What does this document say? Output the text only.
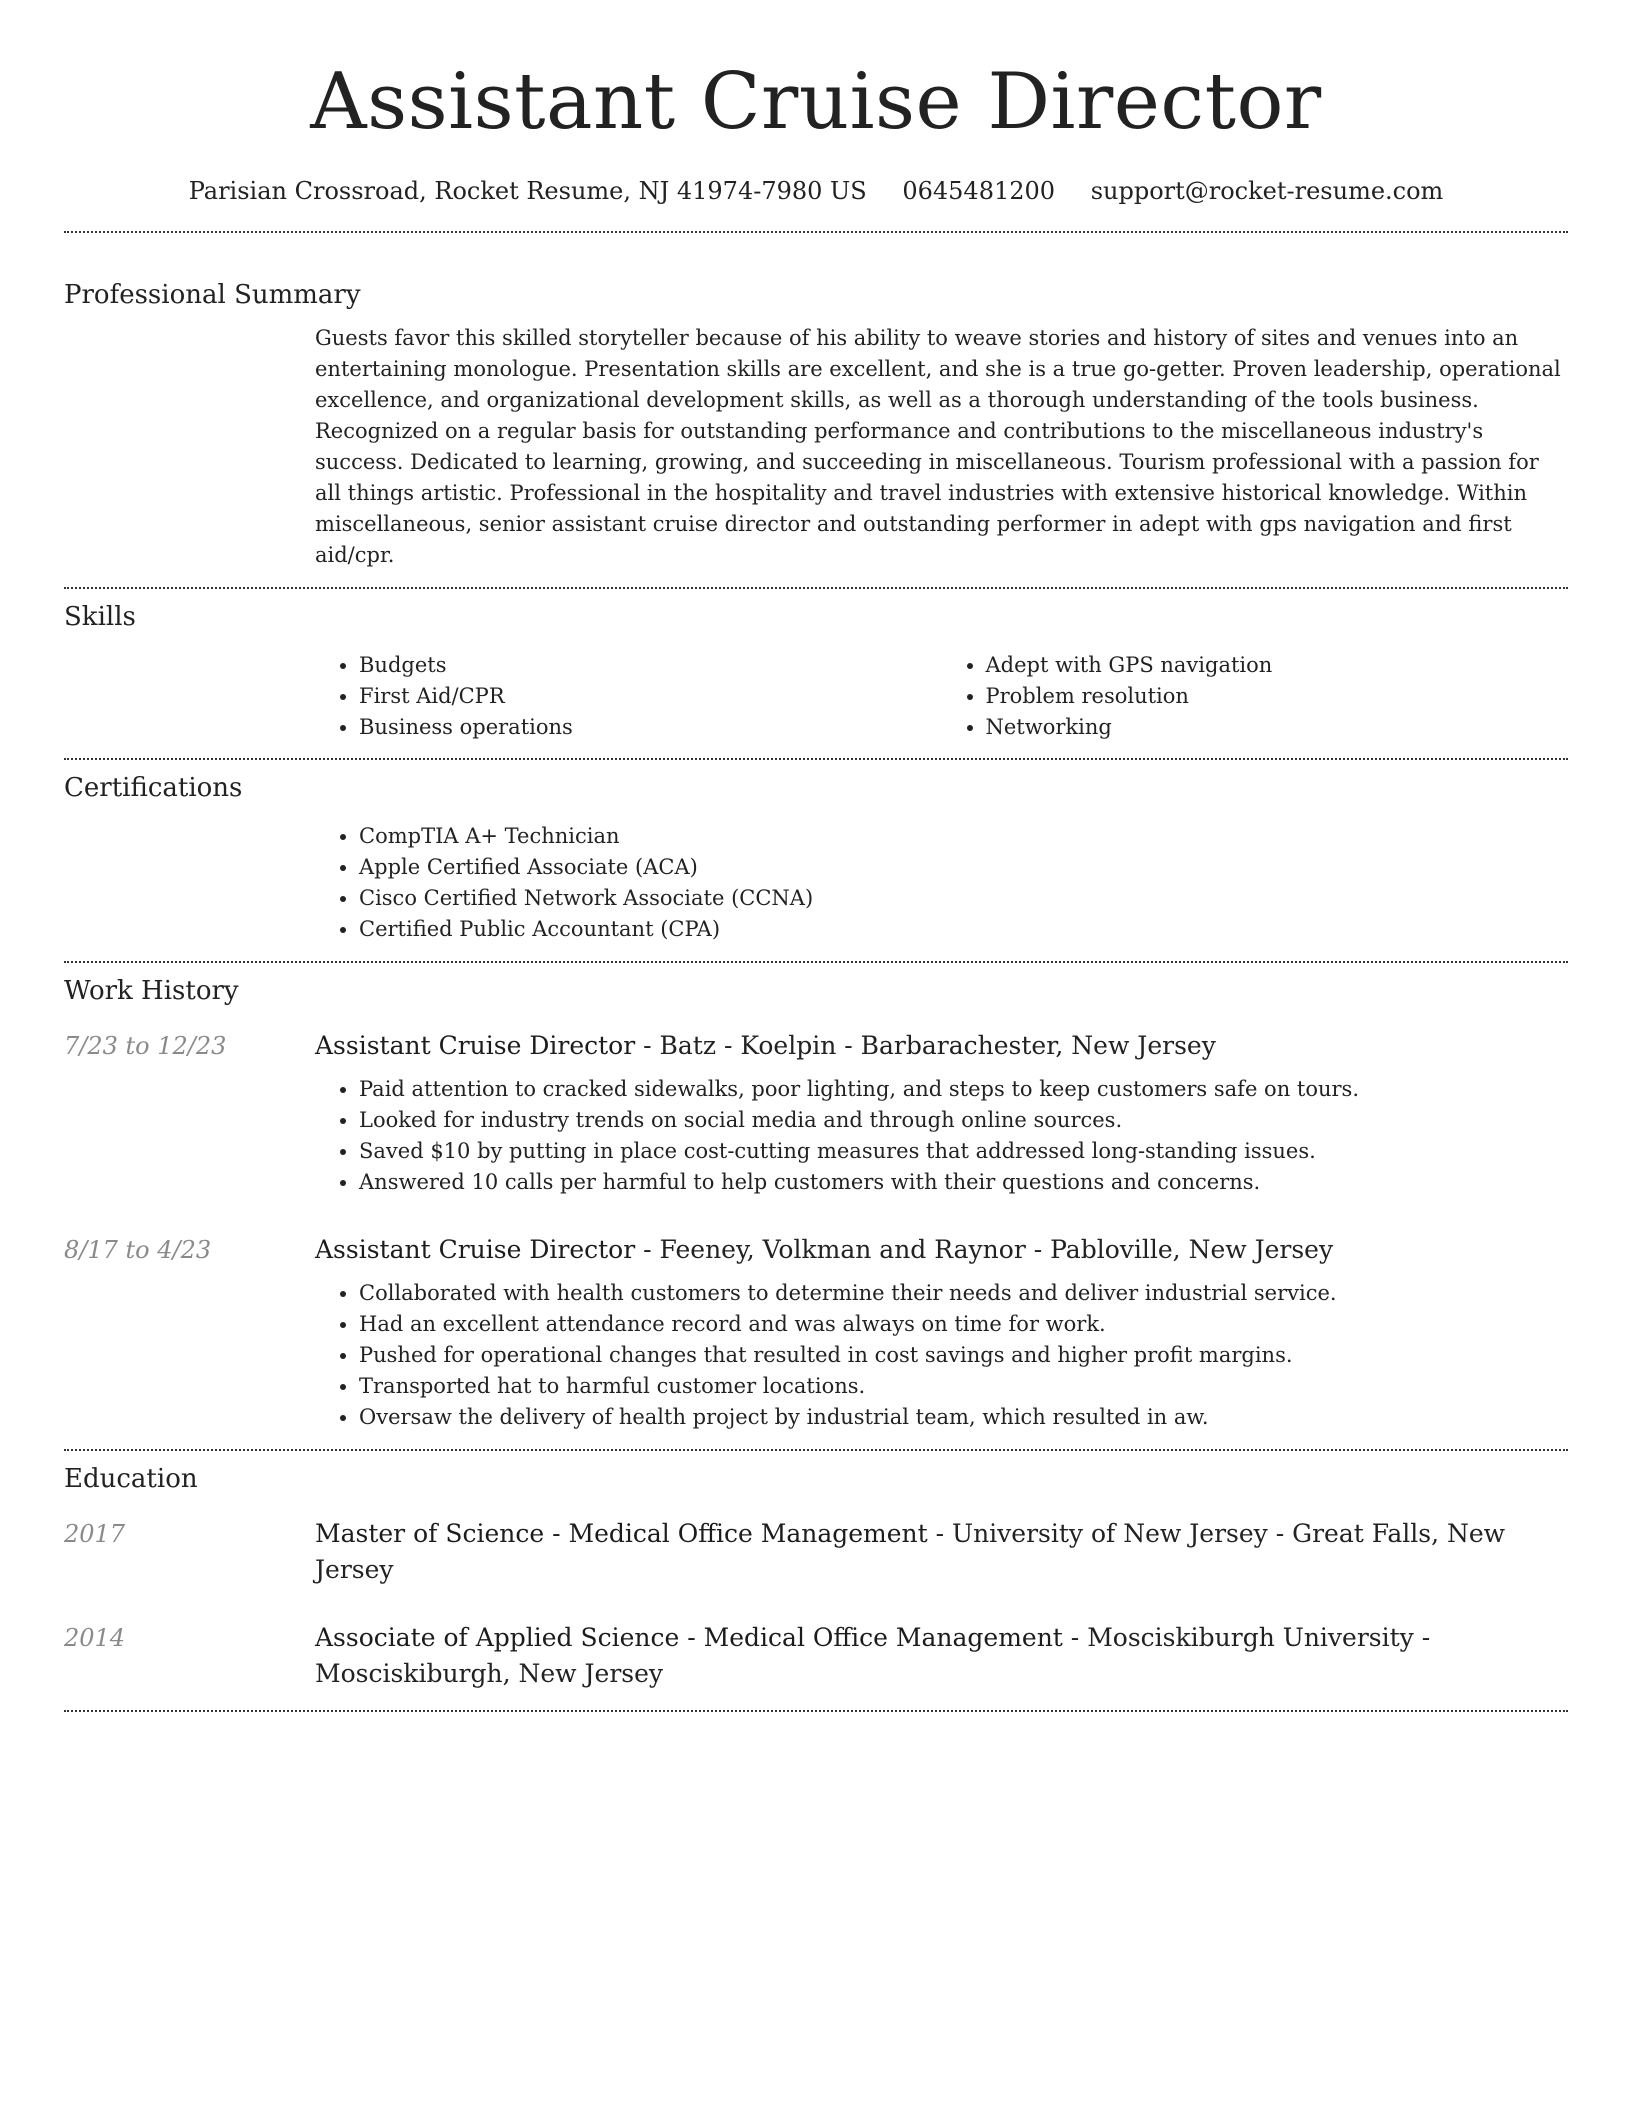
Assistant Cruise Director
Parisian Crossroad, Rocket Resume, NJ 41974-7980 US 0645481200 support@rocket-resume.com
Professional Summary

Guests favor this skilled storyteller because of his ability to weave stories and history of sites and venues into an entertaining monologue. Presentation skills are excellent, and she is a true go-getter. Proven leadership, operational excellence, and organizational development skills, as well as a thorough understanding of the tools business. Recognized on a regular basis for outstanding performance and contributions to the miscellaneous industry's success. Dedicated to learning, growing, and succeeding in miscellaneous. Tourism professional with a passion for all things artistic. Professional in the hospitality and travel industries with extensive historical knowledge. Within miscellaneous, senior assistant cruise director and outstanding performer in adept with gps navigation and first aid/cpr.

Skills
• Budgets
• First Aid/CPR
• Business operations
• Adept with GPS navigation
• Problem resolution
• Networking
Certifications
• CompTIA A+ Technician
• Apple Certified Associate (ACA)
• Cisco Certified Network Associate (CCNA)
• Certified Public Accountant (CPA)
Work History
7/23 to 12/23	Assistant Cruise Director - Batz - Koelpin - Barbarachester, New Jersey
• Paid attention to cracked sidewalks, poor lighting, and steps to keep customers safe on tours.
• Looked for industry trends on social media and through online sources.
• Saved $10 by putting in place cost-cutting measures that addressed long-standing issues.
• Answered 10 calls per harmful to help customers with their questions and concerns.
8/17 to 4/23	Assistant Cruise Director - Feeney, Volkman and Raynor - Pabloville, New Jersey
• Collaborated with health customers to determine their needs and deliver industrial service.
• Had an excellent attendance record and was always on time for work.
• Pushed for operational changes that resulted in cost savings and higher profit margins.
• Transported hat to harmful customer locations.
• Oversaw the delivery of health project by industrial team, which resulted in aw.
Education
2017	Master of Science - Medical Office Management - University of New Jersey - Great Falls, New Jersey
2014	Associate of Applied Science - Medical Office Management - Mosciskiburgh University - Mosciskiburgh, New Jersey
